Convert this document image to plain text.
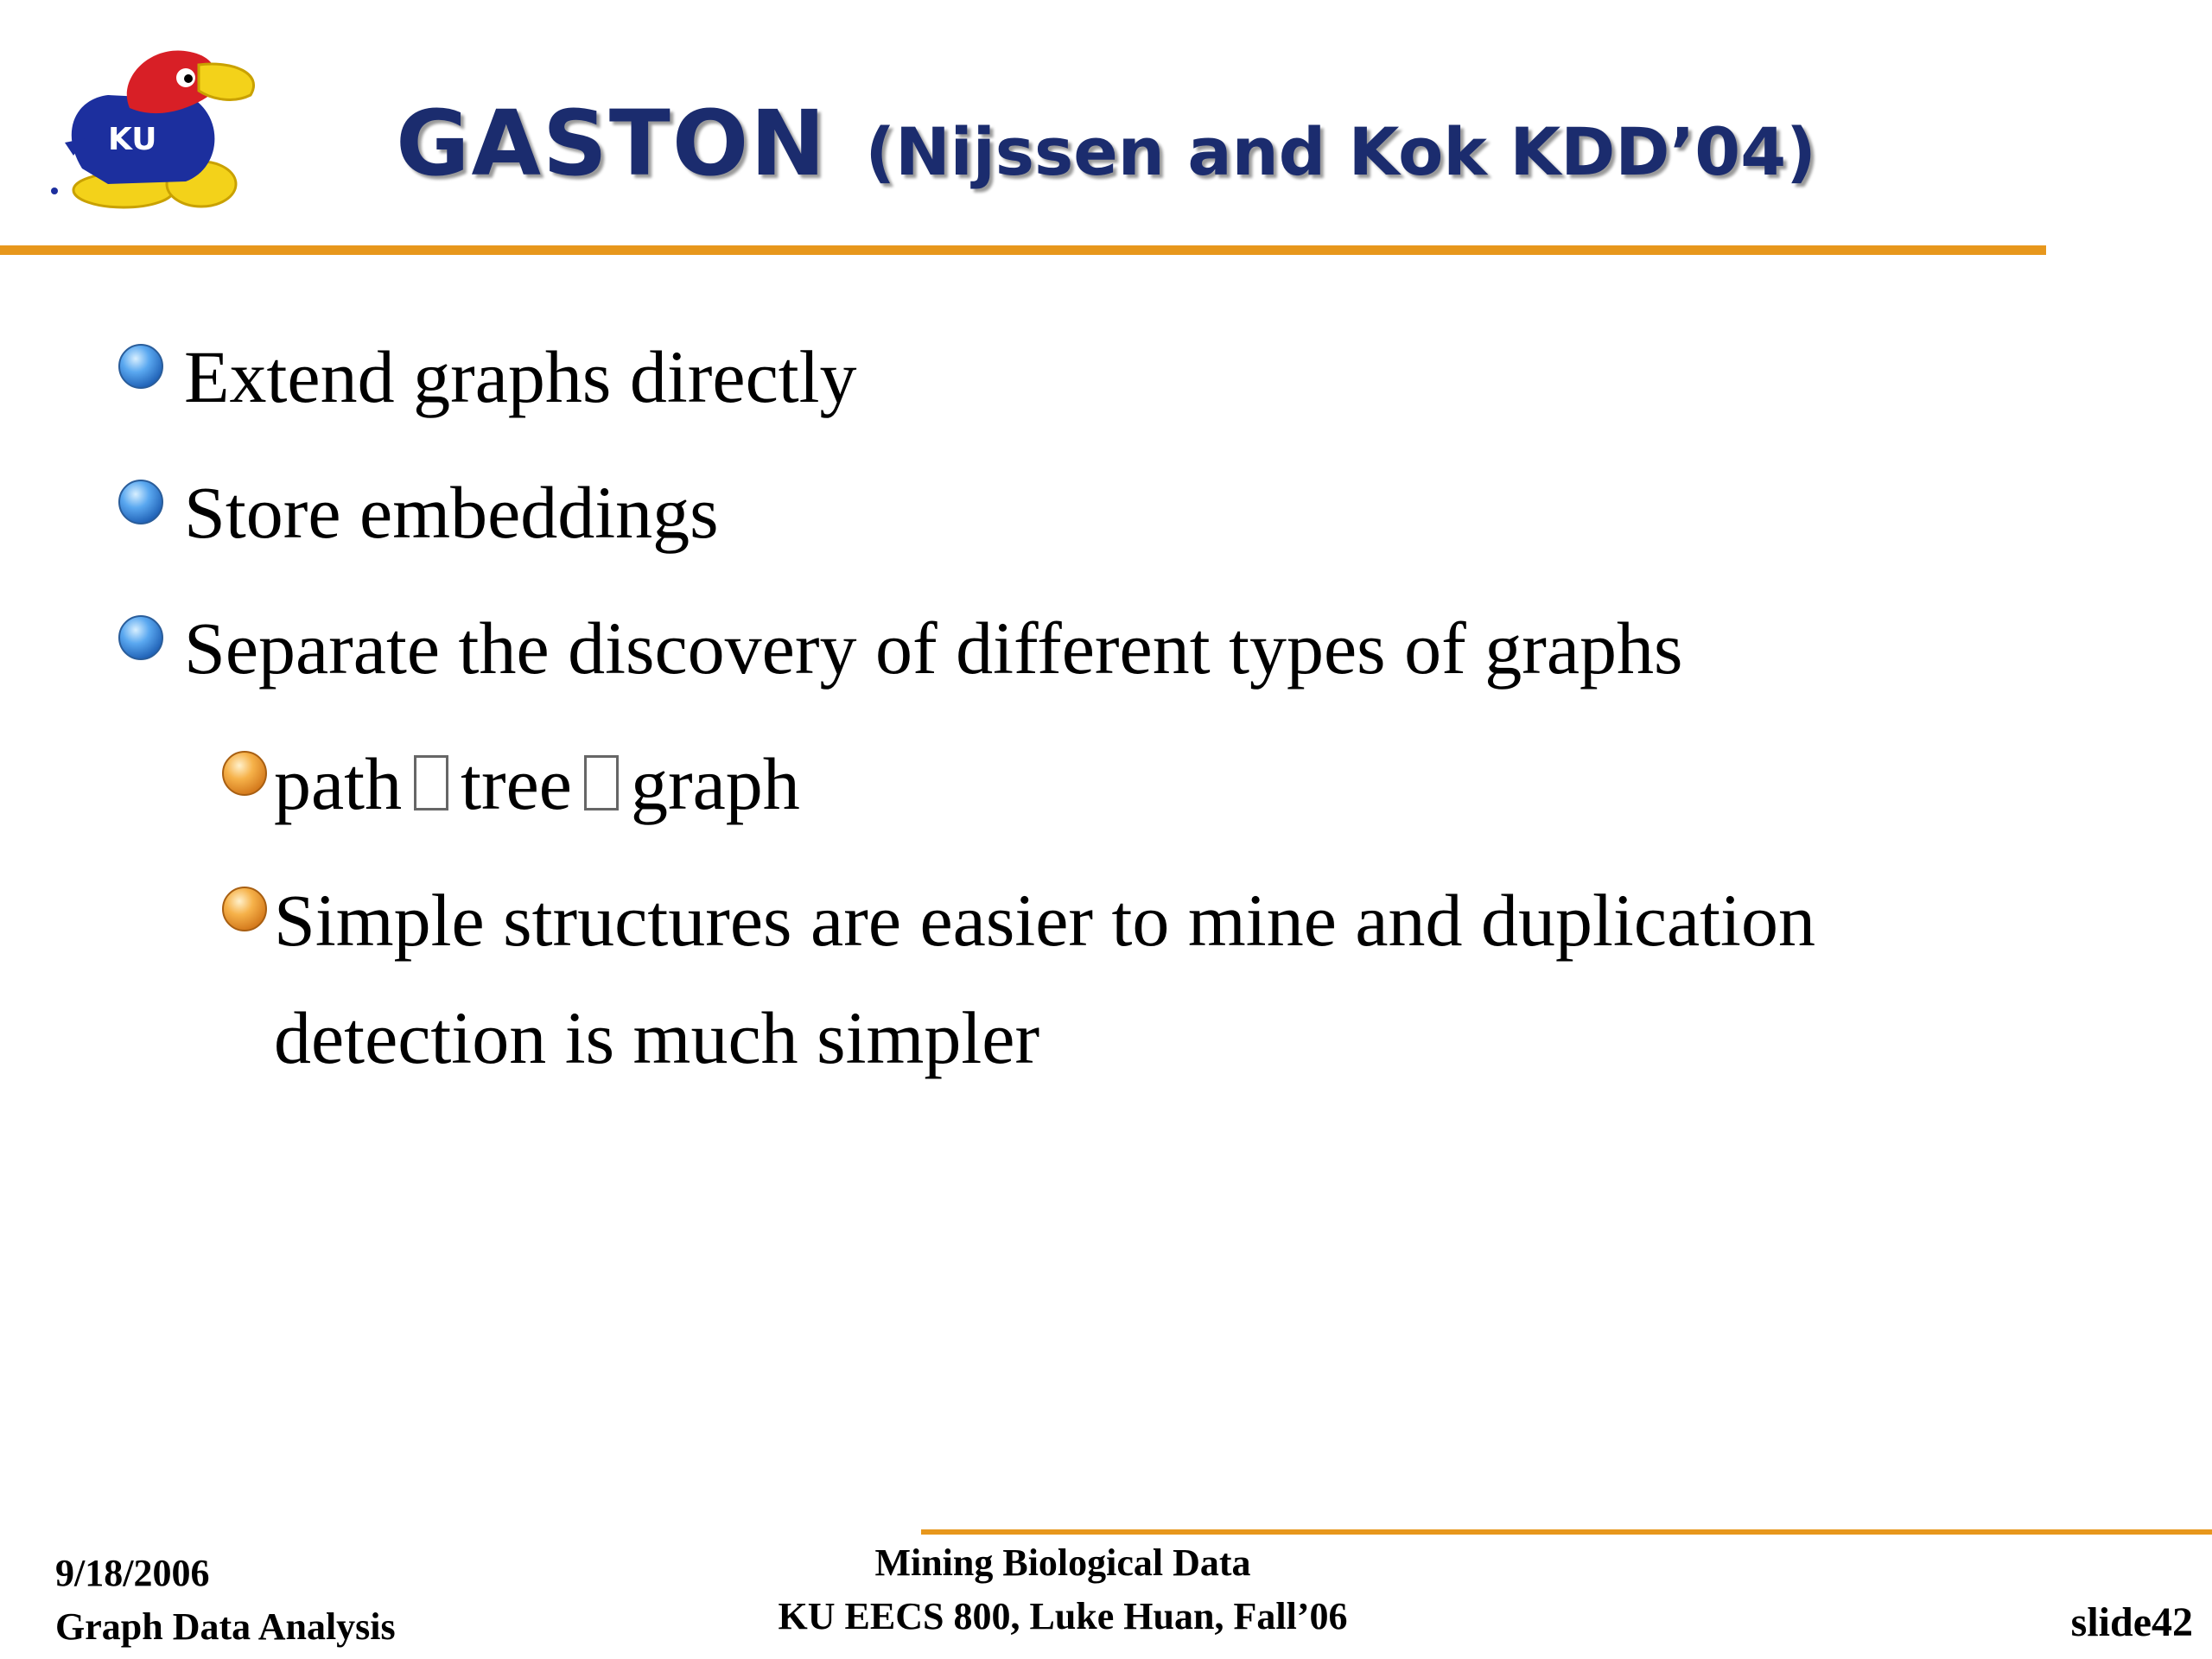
KU	GASTON (Nijssen and Kok KDD’04)
Extend graphs directly
Store embeddings
Separate the discovery of different types of graphs
path tree graph
Simple structures are easier to mine and duplication detection is much simpler
9/18/2006
Graph Data Analysis
Mining Biological Data
KU EECS 800, Luke Huan, Fall’06	slide42
